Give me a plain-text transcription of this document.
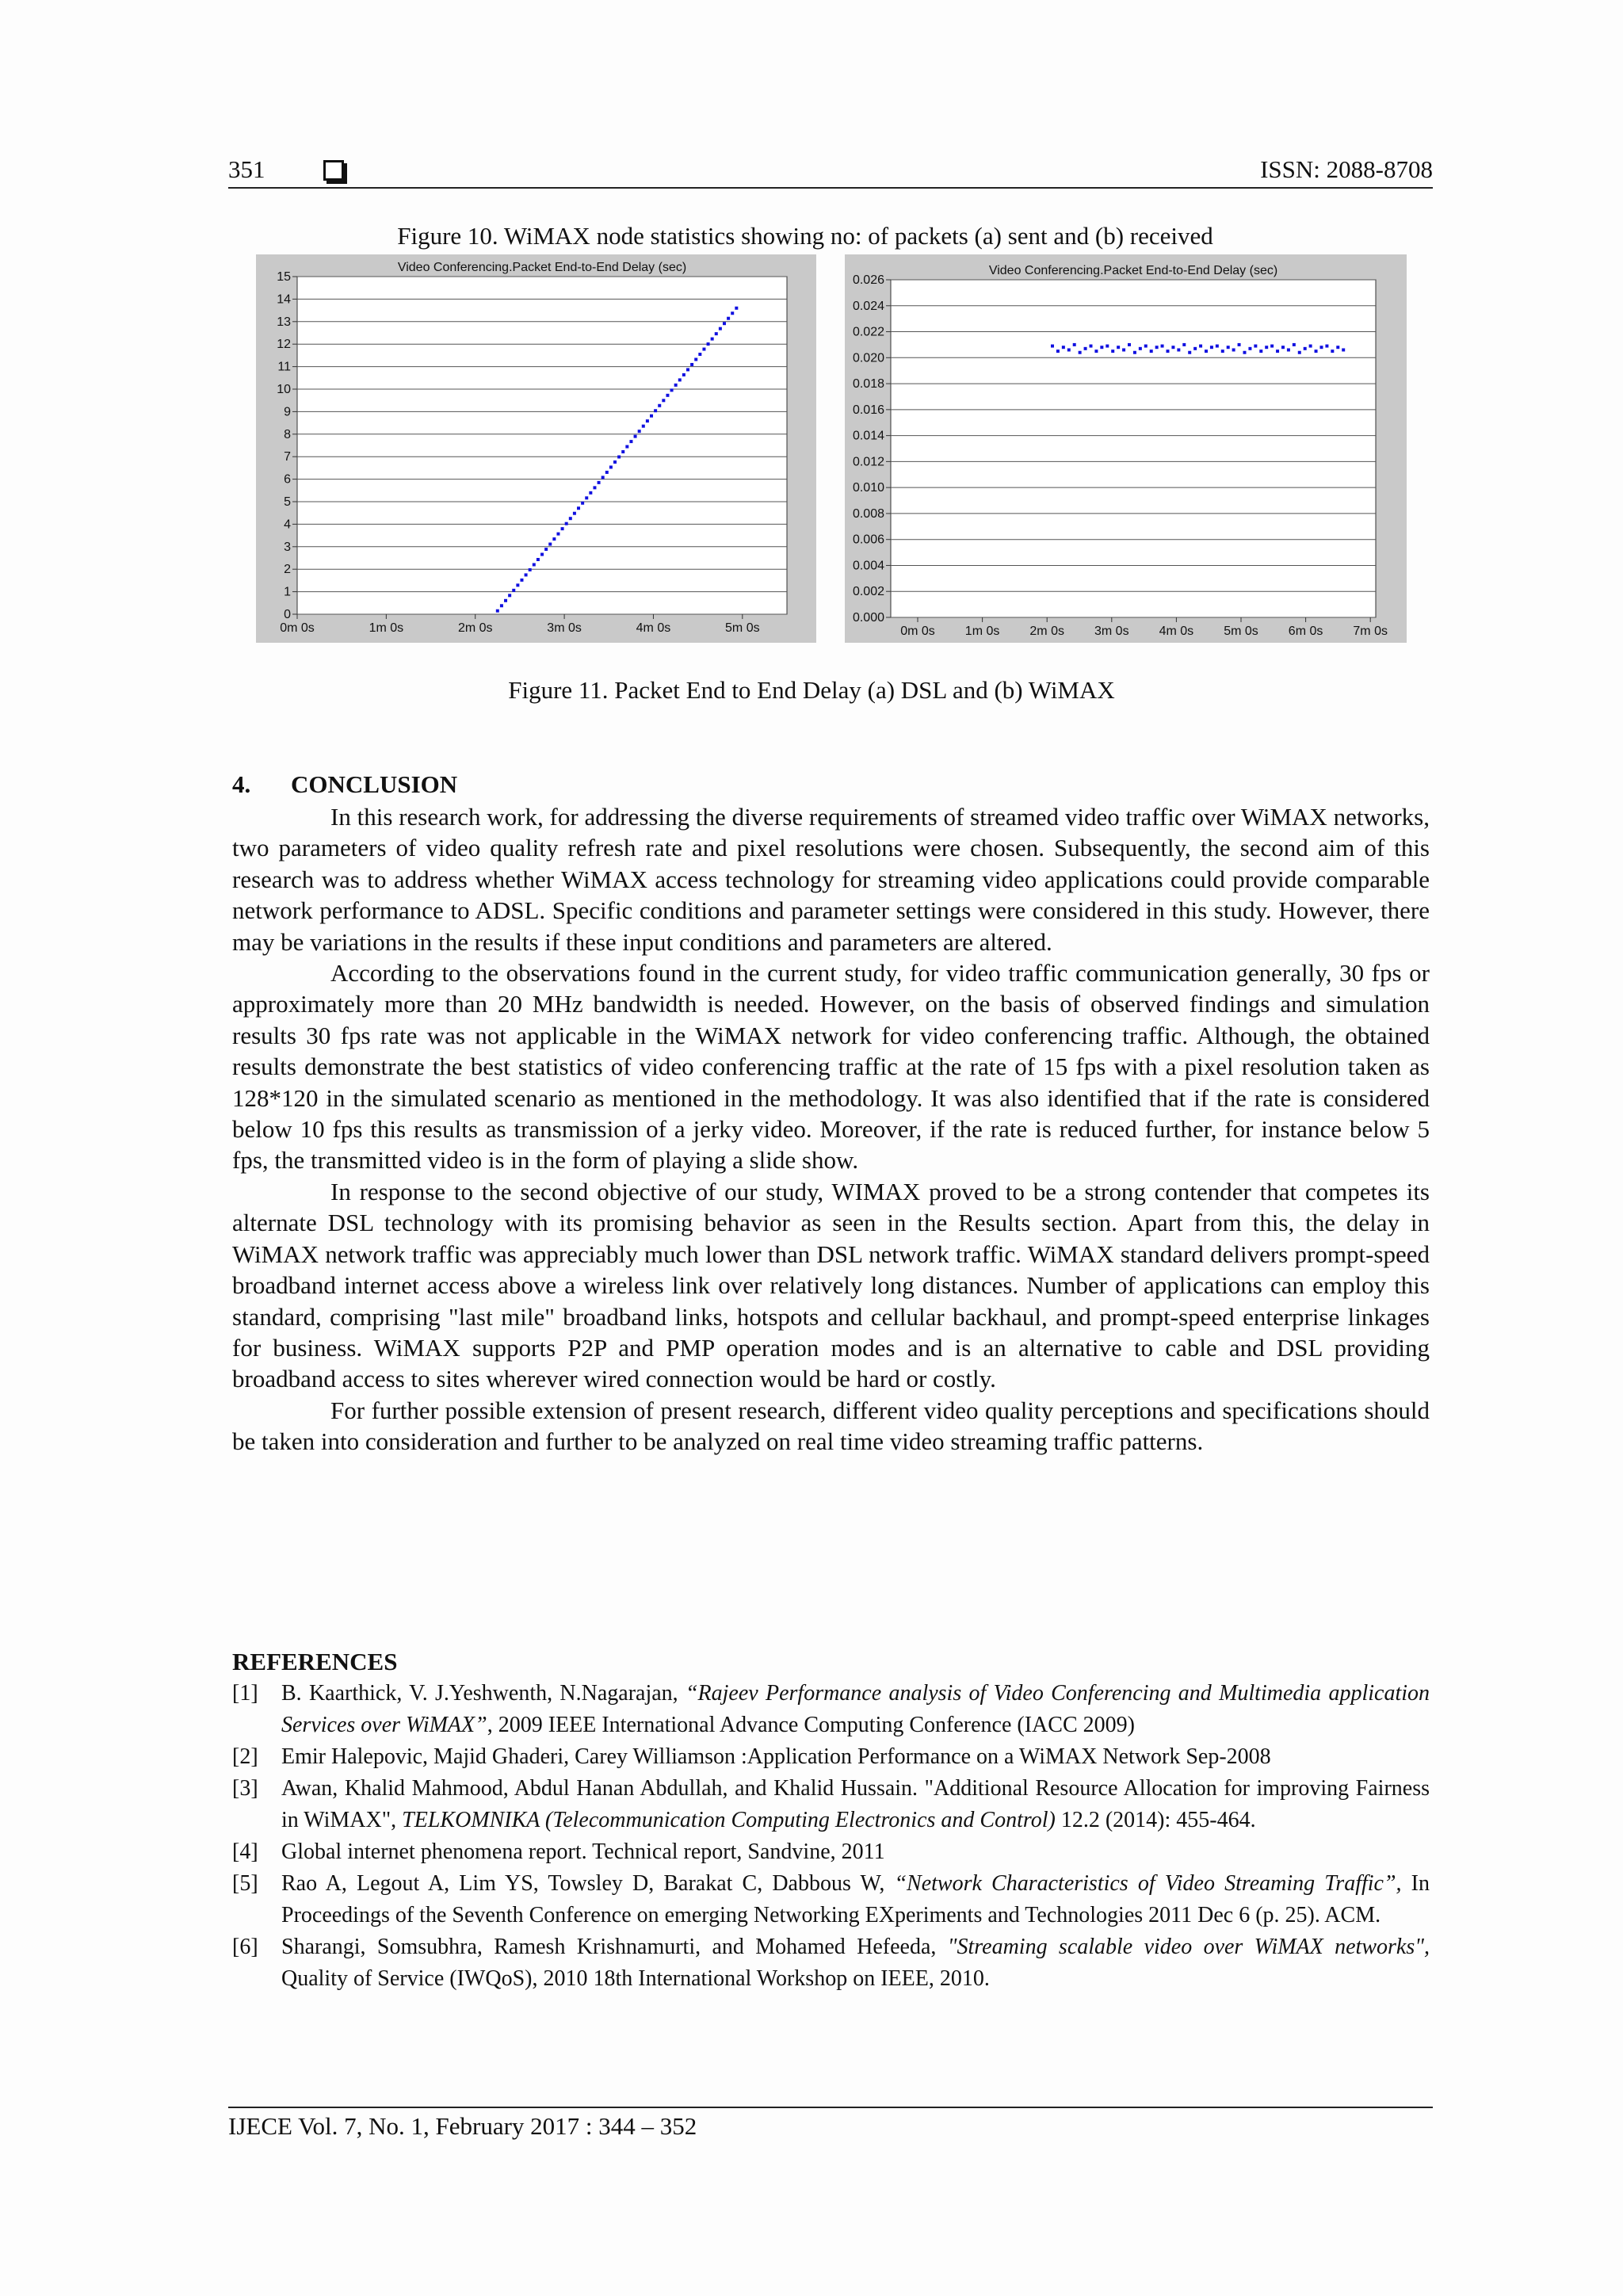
351	ISSN: 2088-8708
Figure 10. WiMAX node statistics showing no: of packets (a) sent and (b) received
Video Conferencing.Packet End-to-End Delay (sec)
0
1
2
3
4
5
6
7
8
9
10
11
12
13
14
15
0m 0s	1m 0s	2m 0s	3m 0s	4m 0s	5m 0s
Video Conferencing.Packet End-to-End Delay (sec)
0.000
0.002
0.004
0.006
0.008
0.010
0.012
0.014
0.016
0.018
0.020
0.022
0.024
0.026
0m 0s 1m 0s 2m 0s 3m 0s 4m 0s 5m 0s 6m 0s 7m 0s
Figure 11. Packet End to End Delay (a) DSL and (b) WiMAX
4. CONCLUSION

In this research work, for addressing the diverse requirements of streamed video traffic over WiMAX networks, two parameters of video quality refresh rate and pixel resolutions were chosen. Subsequently, the second aim of this research was to address whether WiMAX access technology for streaming video applications could provide comparable network performance to ADSL. Specific conditions and parameter settings were considered in this study. However, there may be variations in the results if these input conditions and parameters are altered.

According to the observations found in the current study, for video traffic communication generally, 30 fps or approximately more than 20 MHz bandwidth is needed. However, on the basis of observed findings and simulation results 30 fps rate was not applicable in the WiMAX network for video conferencing traffic. Although, the obtained results demonstrate the best statistics of video conferencing traffic at the rate of 15 fps with a pixel resolution taken as 128*120 in the simulated scenario as mentioned in the methodology. It was also identified that if the rate is considered below 10 fps this results as transmission of a jerky video. Moreover, if the rate is reduced further, for instance below 5 fps, the transmitted video is in the form of playing a slide show.

In response to the second objective of our study, WIMAX proved to be a strong contender that competes its alternate DSL technology with its promising behavior as seen in the Results section. Apart from this, the delay in WiMAX network traffic was appreciably much lower than DSL network traffic. WiMAX standard delivers prompt-speed broadband internet access above a wireless link over relatively long distances. Number of applications can employ this standard, comprising "last mile" broadband links, hotspots and cellular backhaul, and prompt-speed enterprise linkages for business. WiMAX supports P2P and PMP operation modes and is an alternative to cable and DSL providing broadband access to sites wherever wired connection would be hard or costly.

For further possible extension of present research, different video quality perceptions and specifications should be taken into consideration and further to be analyzed on real time video streaming traffic patterns.

REFERENCES
[1]	B. Kaarthick, V. J.Yeshwenth, N.Nagarajan, “Rajeev Performance analysis of Video Conferencing and Multimedia application Services over WiMAX”, 2009 IEEE International Advance Computing Conference (IACC 2009)
[2]	Emir Halepovic, Majid Ghaderi, Carey Williamson :Application Performance on a WiMAX Network Sep-2008
[3]	Awan, Khalid Mahmood, Abdul Hanan Abdullah, and Khalid Hussain. "Additional Resource Allocation for improving Fairness in WiMAX", TELKOMNIKA (Telecommunication Computing Electronics and Control) 12.2 (2014): 455-464.
[4]	Global internet phenomena report. Technical report, Sandvine, 2011
[5]	Rao A, Legout A, Lim YS, Towsley D, Barakat C, Dabbous W, “Network Characteristics of Video Streaming Traffic”, In Proceedings of the Seventh Conference on emerging Networking EXperiments and Technologies 2011 Dec 6 (p. 25). ACM.
[6]	Sharangi, Somsubhra, Ramesh Krishnamurti, and Mohamed Hefeeda, "Streaming scalable video over WiMAX networks", Quality of Service (IWQoS), 2010 18th International Workshop on IEEE, 2010.
IJECE Vol. 7, No. 1, February 2017 : 344 – 352
